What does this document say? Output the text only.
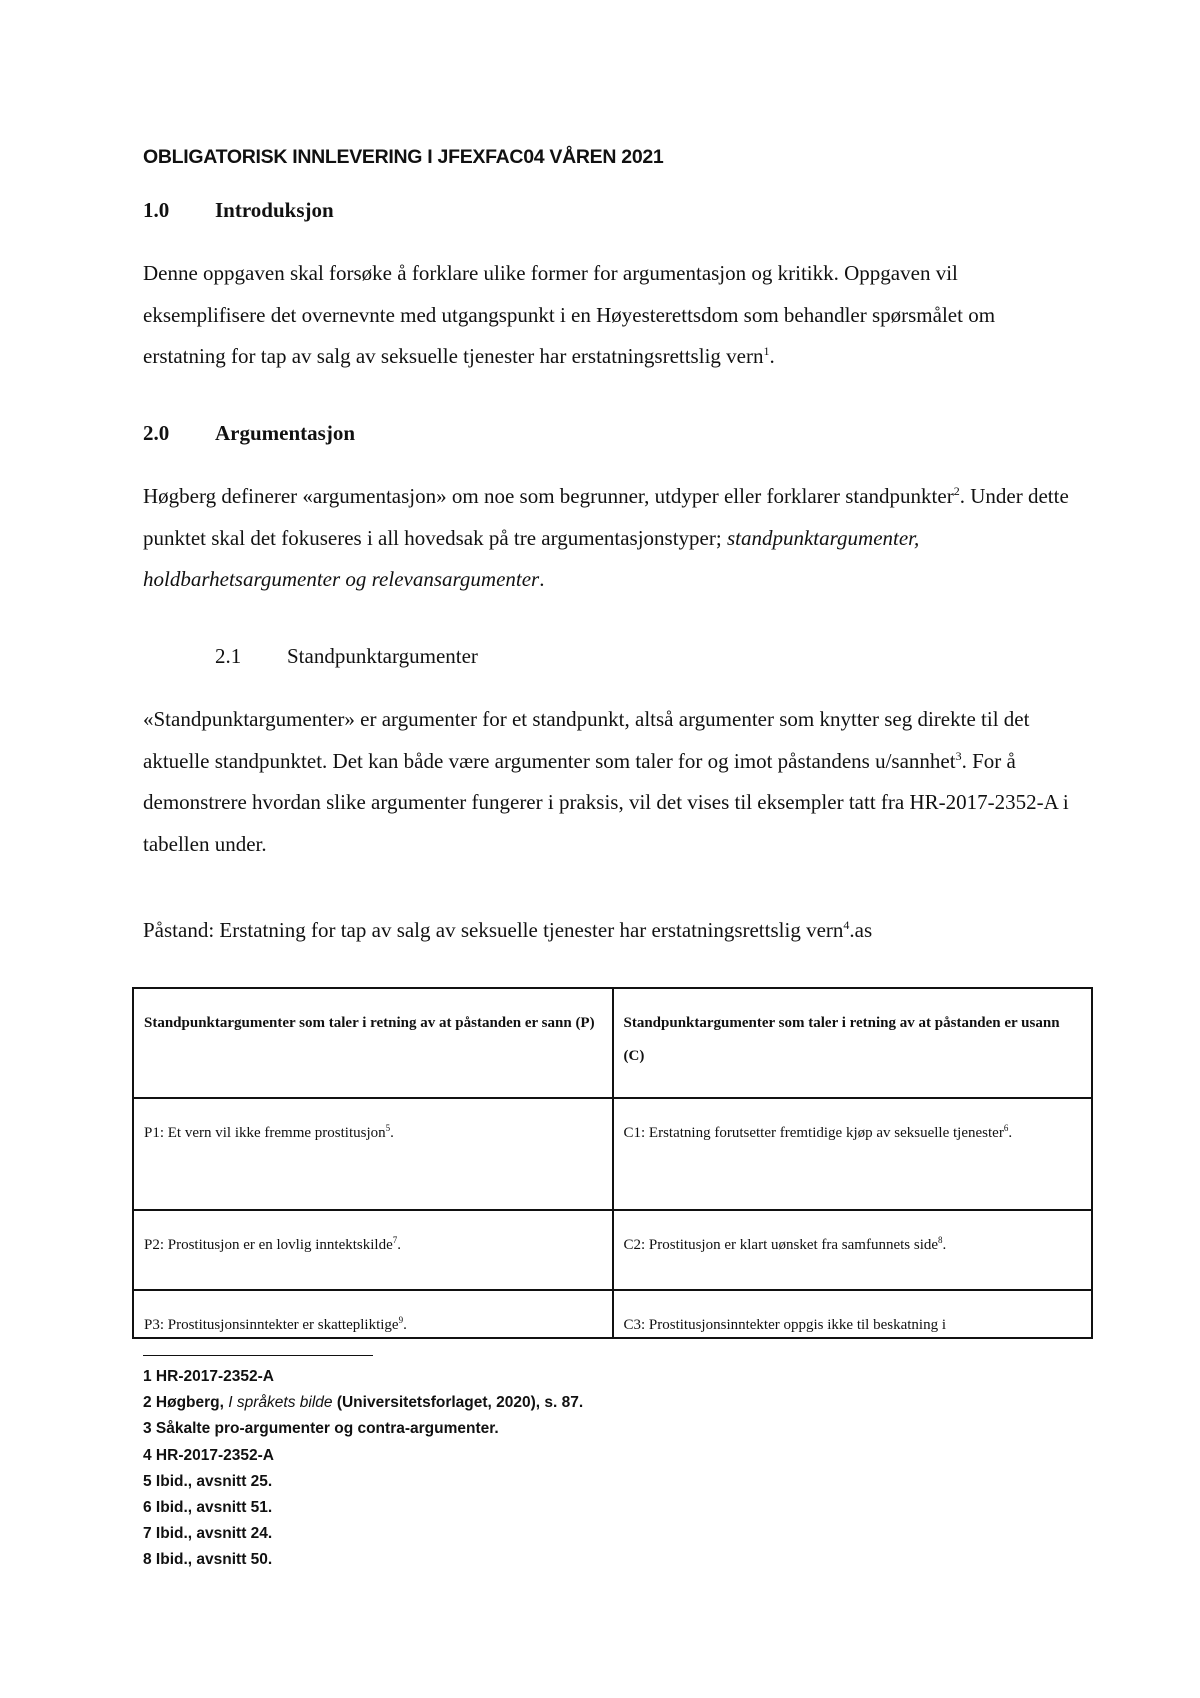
OBLIGATORISK INNLEVERING I JFEXFAC04 VÅREN 2021
1.0 Introduksjon
Denne oppgaven skal forsøke å forklare ulike former for argumentasjon og kritikk. Oppgaven vil eksemplifisere det overnevnte med utgangspunkt i en Høyesterettsdom som behandler spørsmålet om erstatning for tap av salg av seksuelle tjenester har erstatningsrettslig vern$^1$.
2.0 Argumentasjon
Høgberg definerer «argumentasjon» om noe som begrunner, utdyper eller forklarer standpunkter$^2$. Under dette punktet skal det fokuseres i all hovedsak på tre argumentasjonstyper; standpunktargumenter, holdbarhetsargumenter og relevansargumenter.
2.1 Standpunktargumenter
«Standpunktargumenter» er argumenter for et standpunkt, altså argumenter som knytter seg direkte til det aktuelle standpunktet. Det kan både være argumenter som taler for og imot påstandens u/sannhet$^3$. For å demonstrere hvordan slike argumenter fungerer i praksis, vil det vises til eksempler tatt fra HR-2017-2352-A i tabellen under.
Påstand: Erstatning for tap av salg av seksuelle tjenester har erstatningsrettslig vern$^4$.as
Standpunktargumenter som taler i retning av at påstanden er sann (P)	Standpunktargumenter som taler i retning av at påstanden er usann (C)
P1: Et vern vil ikke fremme prostitusjon$^5$.	C1: Erstatning forutsetter fremtidige kjøp av seksuelle tjenester$^6$.
P2: Prostitusjon er en lovlig inntektskilde$^7$.	C2: Prostitusjon er klart uønsket fra samfunnets side$^8$.
P3: Prostitusjonsinntekter er skattepliktige$^9$.	C3: Prostitusjonsinntekter oppgis ikke til beskatning i
1 HR-2017-2352-A
2 Høgberg, I språkets bilde (Universitetsforlaget, 2020), s. 87.
3 Såkalte pro-argumenter og contra-argumenter.
4 HR-2017-2352-A
5 Ibid., avsnitt 25.
6 Ibid., avsnitt 51.
7 Ibid., avsnitt 24.
8 Ibid., avsnitt 50.
